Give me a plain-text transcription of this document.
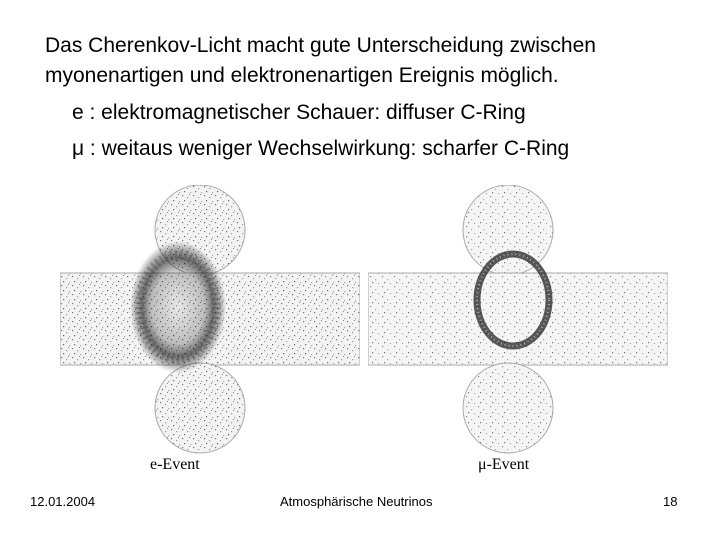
Das Cherenkov-Licht macht gute Unterscheidung zwischen
myonenartigen und elektronenartigen Ereignis möglich.
e : elektromagnetischer Schauer: diffuser C-Ring
μ : weitaus weniger Wechselwirkung: scharfer C-Ring
e-Event	μ-Event
12.01.2004	Atmosphärische Neutrinos	18
